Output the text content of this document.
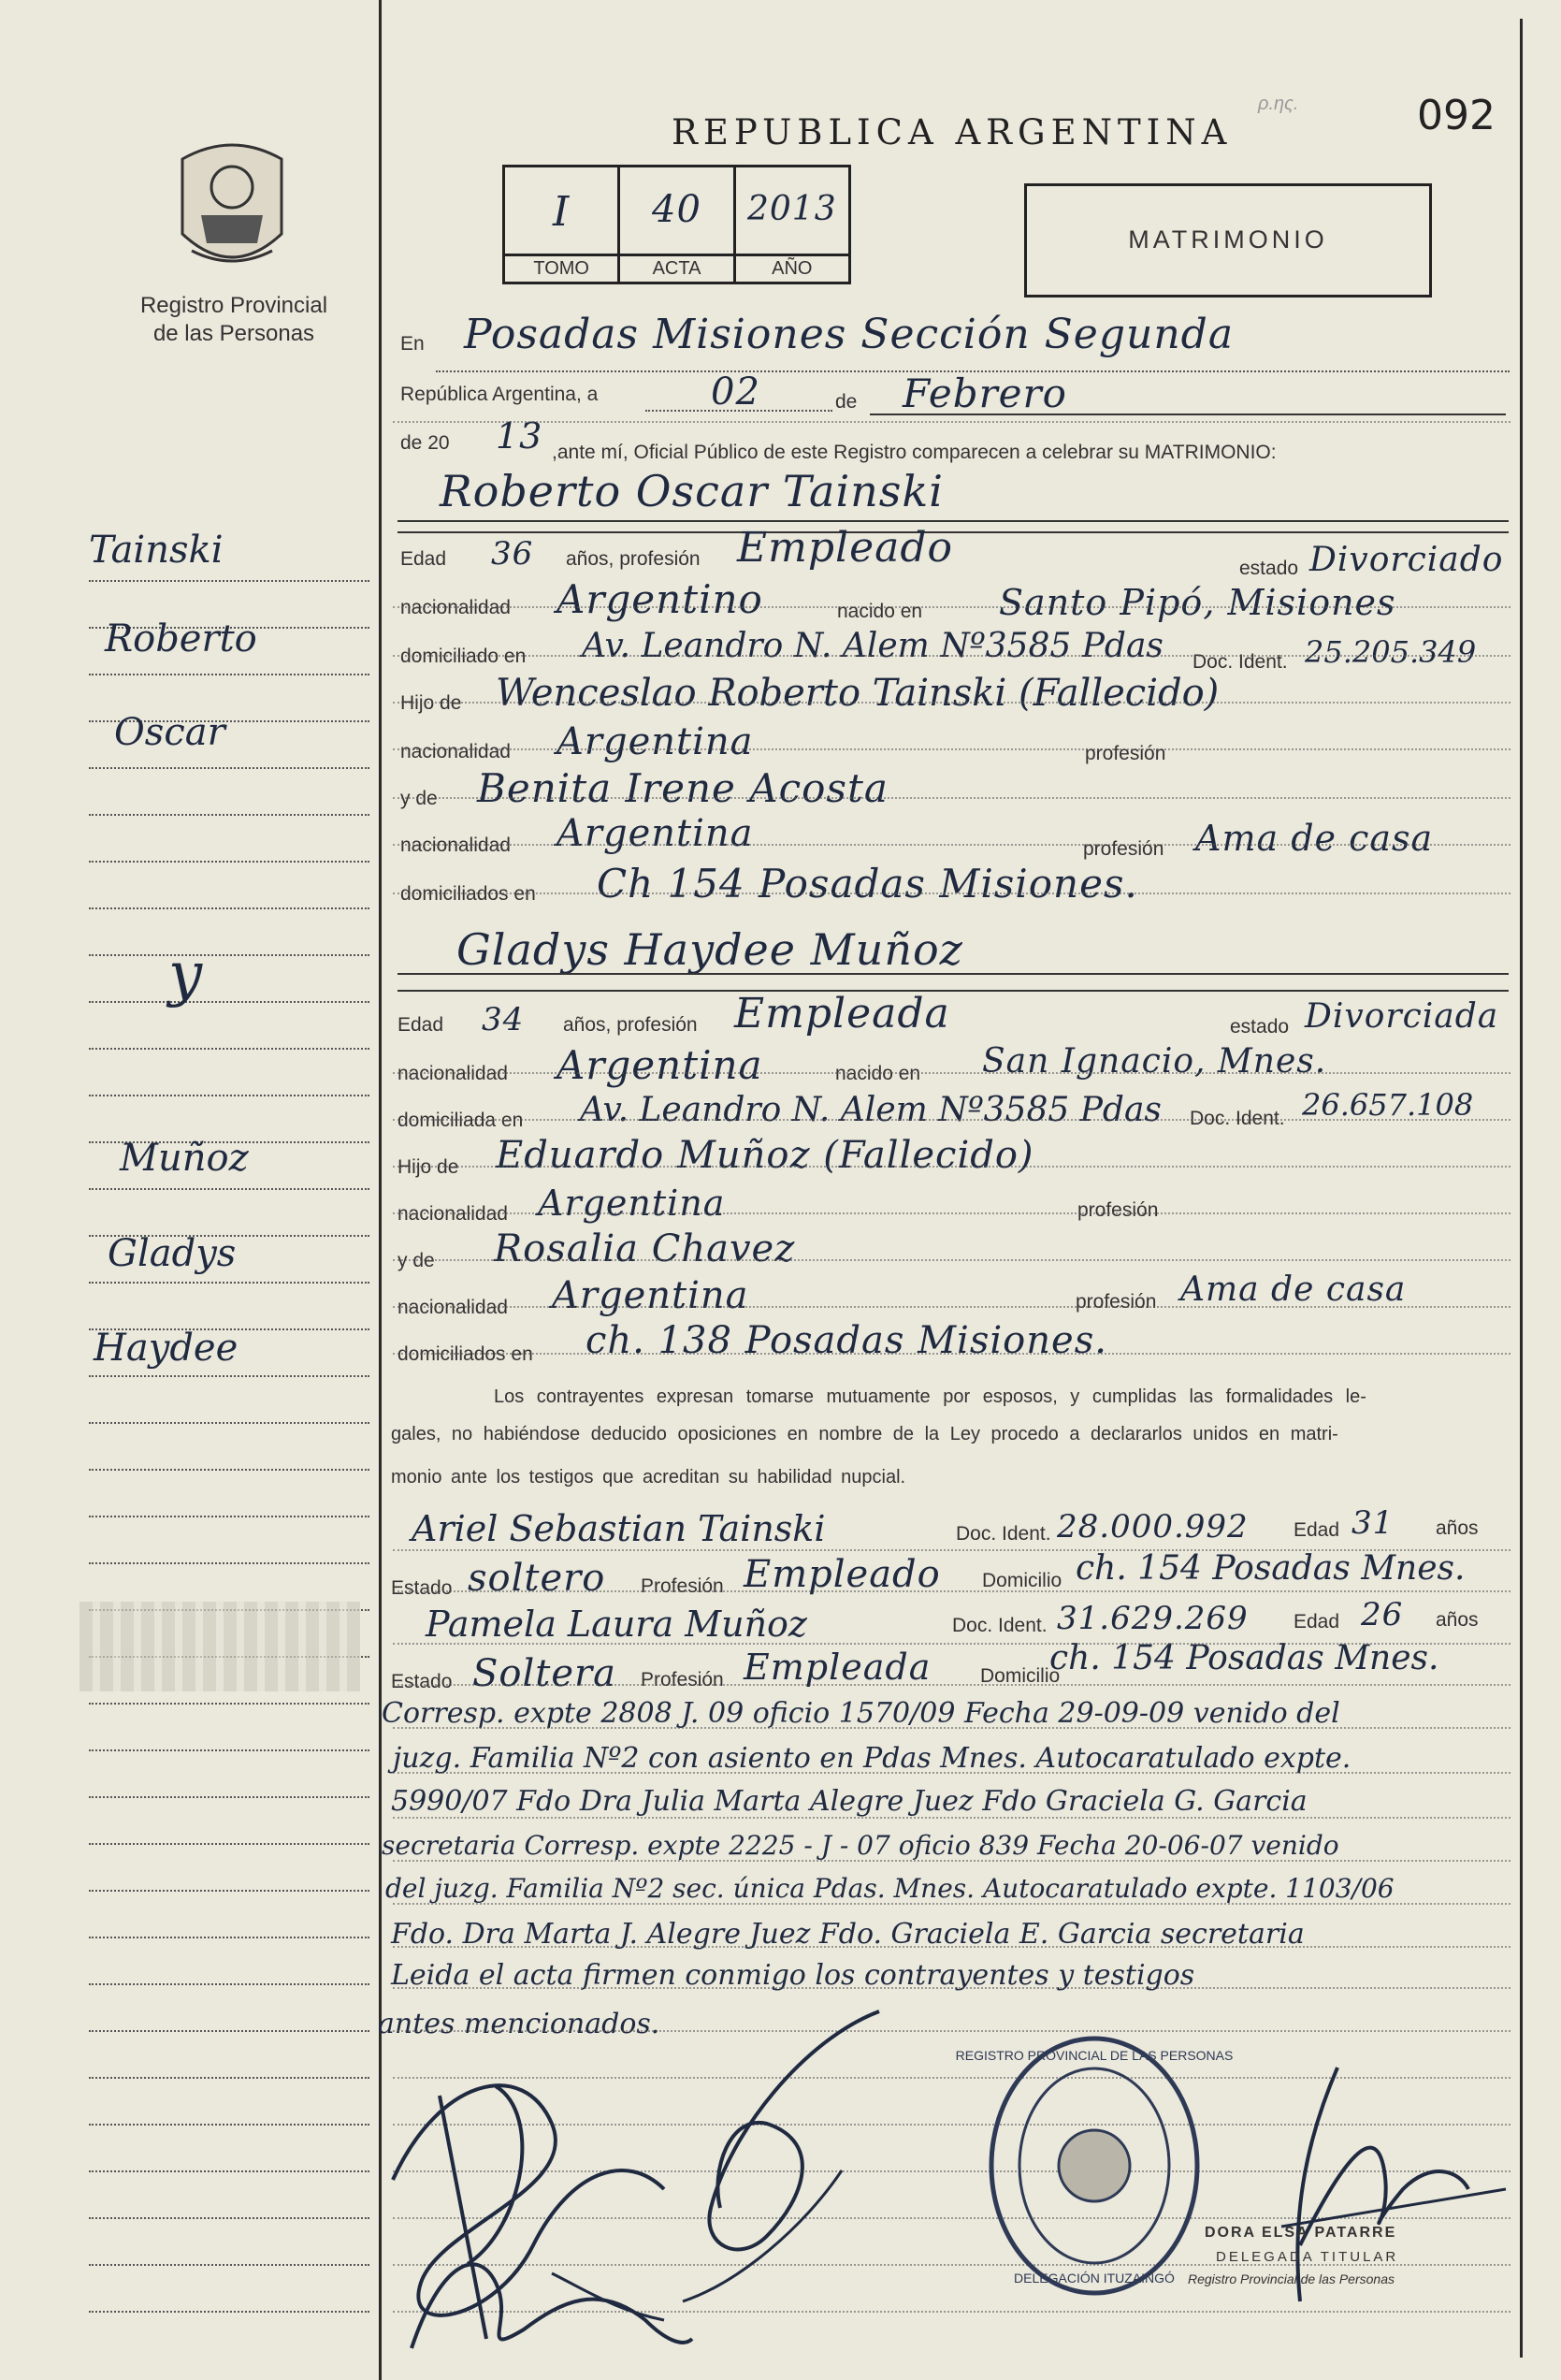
Registro Provincial
de las Personas
REPUBLICA ARGENTINA
ρ.ης.	092
I
TOMO
40
ACTA
2013
AÑO
MATRIMONIO
Tainski
Roberto
Oscar
y
Muñoz
Gladys
Haydee
En Posadas Misiones Sección Segunda
República Argentina, a	02	de Febrero
de 20 13 ,ante mí, Oficial Público de este Registro comparecen a celebrar su MATRIMONIO:
Roberto Oscar Tainski
Edad 36 años, profesión Empleado	estado Divorciado
nacionalidad Argentino	nacido en Santo Pipó, Misiones
domiciliado en Av. Leandro N. Alem Nº3585 Pdas Doc. Ident. 25.205.349
Hijo de Wenceslao Roberto Tainski (Fallecido)
nacionalidad Argentina	profesión
y de Benita Irene Acosta
nacionalidad Argentina	profesión Ama de casa
domiciliados en Ch 154 Posadas Misiones.
Gladys Haydee Muñoz
Edad 34 años, profesión Empleada	estado Divorciada
nacionalidad Argentina	nacido en San Ignacio, Mnes.
domiciliada en Av. Leandro N. Alem Nº3585 Pdas Doc. Ident. 26.657.108
Hijo de Eduardo Muñoz (Fallecido)
nacionalidad Argentina	profesión
y de Rosalia Chavez
nacionalidad Argentina	profesión Ama de casa
domiciliados en ch. 138 Posadas Misiones.
Los contrayentes expresan tomarse mutuamente por esposos, y cumplidas las formalidades le-
gales, no habiéndose deducido oposiciones en nombre de la Ley procedo a declararlos unidos en matri-
monio ante los testigos que acreditan su habilidad nupcial.
Ariel Sebastian Tainski	Doc. Ident. 28.000.992 Edad 31 años
Estado soltero Profesión Empleado Domicilio ch. 154 Posadas Mnes.
Pamela Laura Muñoz	Doc. Ident. 31.629.269 Edad 26 años
Estado Soltera Profesión Empleada	Domicilio
ch. 154 Posadas Mnes.
Corresp. expte 2808 J. 09 oficio 1570/09 Fecha 29-09-09 venido del
juzg. Familia Nº2 con asiento en Pdas Mnes. Autocaratulado expte.
5990/07 Fdo Dra Julia Marta Alegre Juez Fdo Graciela G. Garcia
secretaria Corresp. expte 2225 - J - 07 oficio 839 Fecha 20-06-07 venido
del juzg. Familia Nº2 sec. única Pdas. Mnes. Autocaratulado expte. 1103/06
Fdo. Dra Marta J. Alegre Juez Fdo. Graciela E. Garcia secretaria
Leida el acta firmen conmigo los contrayentes y testigos
antes mencionados.
REGISTRO PROVINCIAL DE LAS PERSONAS
DELEGACIÓN ITUZAINGÓ
DORA ELSA PATARRE
DELEGADA TITULAR
Registro Provincial de las Personas
